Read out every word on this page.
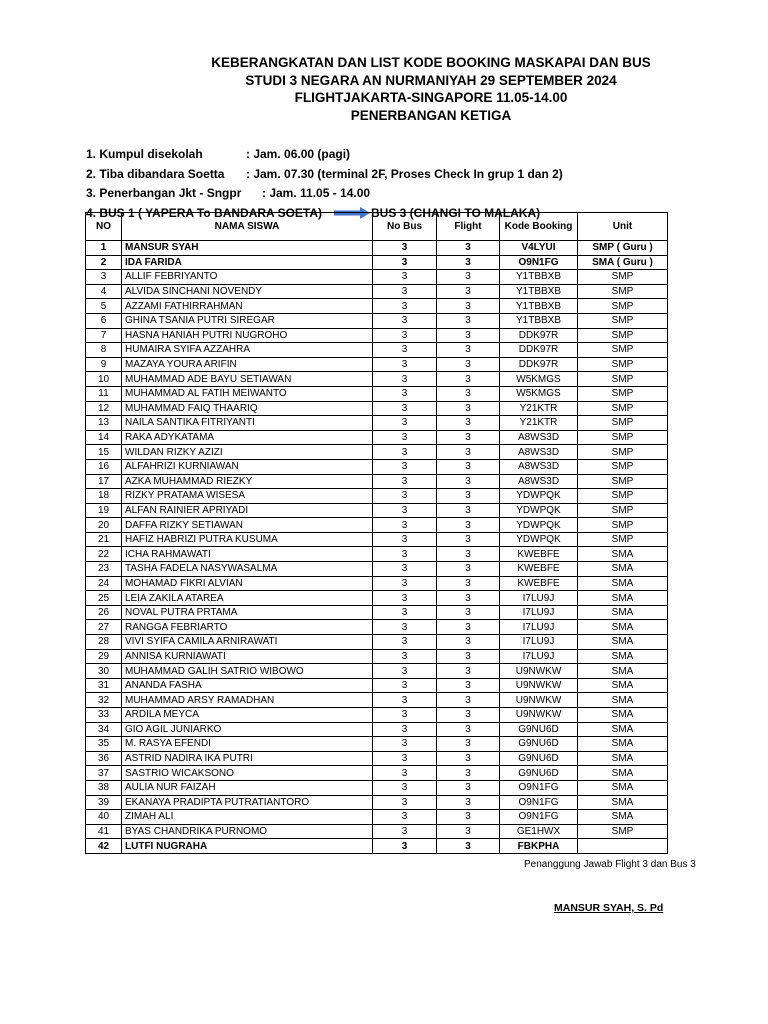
KEBERANGKATAN DAN LIST KODE BOOKING MASKAPAI DAN BUS
STUDI 3 NEGARA AN NURMANIYAH 29 SEPTEMBER 2024
FLIGHTJAKARTA-SINGAPORE 11.05-14.00
PENERBANGAN KETIGA
1. Kumpul disekolah	: Jam. 06.00 (pagi)
2. Tiba dibandara Soetta	: Jam. 07.30 (terminal 2F, Proses Check In grup 1 dan 2)
3. Penerbangan Jkt - Sngpr	: Jam. 11.05 - 14.00
4. BUS 1 ( YAPERA To BANDARA SOETA)	BUS 3 (CHANGI TO MALAKA)
NO	NAMA SISWA	No Bus	Flight	Kode Booking	Unit
1	MANSUR SYAH	3	3	V4LYUI	SMP ( Guru )
2	IDA FARIDA	3	3	O9N1FG	SMA ( Guru )
3	ALLIF FEBRIYANTO	3	3	Y1TBBXB	SMP
4	ALVIDA SINCHANI NOVENDY	3	3	Y1TBBXB	SMP
5	AZZAMI FATHIRRAHMAN	3	3	Y1TBBXB	SMP
6	GHINA TSANIA PUTRI SIREGAR	3	3	Y1TBBXB	SMP
7	HASNA HANIAH PUTRI NUGROHO	3	3	DDK97R	SMP
8	HUMAIRA SYIFA AZZAHRA	3	3	DDK97R	SMP
9	MAZAYA YOURA ARIFIN	3	3	DDK97R	SMP
10	MUHAMMAD ADE BAYU SETIAWAN	3	3	W5KMGS	SMP
11	MUHAMMAD AL FATIH MEIWANTO	3	3	W5KMGS	SMP
12	MUHAMMAD FAIQ THAARIQ	3	3	Y21KTR	SMP
13	NAILA SANTIKA FITRIYANTI	3	3	Y21KTR	SMP
14	RAKA ADYKATAMA	3	3	A8WS3D	SMP
15	WILDAN RIZKY AZIZI	3	3	A8WS3D	SMP
16	ALFAHRIZI KURNIAWAN	3	3	A8WS3D	SMP
17	AZKA MUHAMMAD RIEZKY	3	3	A8WS3D	SMP
18	RIZKY PRATAMA WISESA	3	3	YDWPQK	SMP
19	ALFAN RAINIER APRIYADI	3	3	YDWPQK	SMP
20	DAFFA RIZKY SETIAWAN	3	3	YDWPQK	SMP
21	HAFIZ HABRIZI PUTRA KUSUMA	3	3	YDWPQK	SMP
22	ICHA RAHMAWATI	3	3	KWEBFE	SMA
23	TASHA FADELA NASYWASALMA	3	3	KWEBFE	SMA
24	MOHAMAD FIKRI ALVIAN	3	3	KWEBFE	SMA
25	LEIA ZAKILA ATAREA	3	3	I7LU9J	SMA
26	NOVAL PUTRA PRTAMA	3	3	I7LU9J	SMA
27	RANGGA FEBRIARTO	3	3	I7LU9J	SMA
28	VIVI SYIFA CAMILA ARNIRAWATI	3	3	I7LU9J	SMA
29	ANNISA KURNIAWATI	3	3	I7LU9J	SMA
30	MUHAMMAD GALIH SATRIO WIBOWO	3	3	U9NWKW	SMA
31	ANANDA FASHA	3	3	U9NWKW	SMA
32	MUHAMMAD ARSY RAMADHAN	3	3	U9NWKW	SMA
33	ARDILA MEYCA	3	3	U9NWKW	SMA
34	GIO AGIL JUNIARKO	3	3	G9NU6D	SMA
35	M. RASYA EFENDI	3	3	G9NU6D	SMA
36	ASTRID NADIRA IKA PUTRI	3	3	G9NU6D	SMA
37	SASTRIO WICAKSONO	3	3	G9NU6D	SMA
38	AULIA NUR FAIZAH	3	3	O9N1FG	SMA
39	EKANAYA PRADIPTA PUTRATIANTORO	3	3	O9N1FG	SMA
40	ZIMAH ALI	3	3	O9N1FG	SMA
41	BYAS CHANDRIKA PURNOMO	3	3	GE1HWX	SMP
42	LUTFI NUGRAHA	3	3	FBKPHA	
Penanggung Jawab Flight 3 dan Bus 3
MANSUR SYAH, S. Pd
